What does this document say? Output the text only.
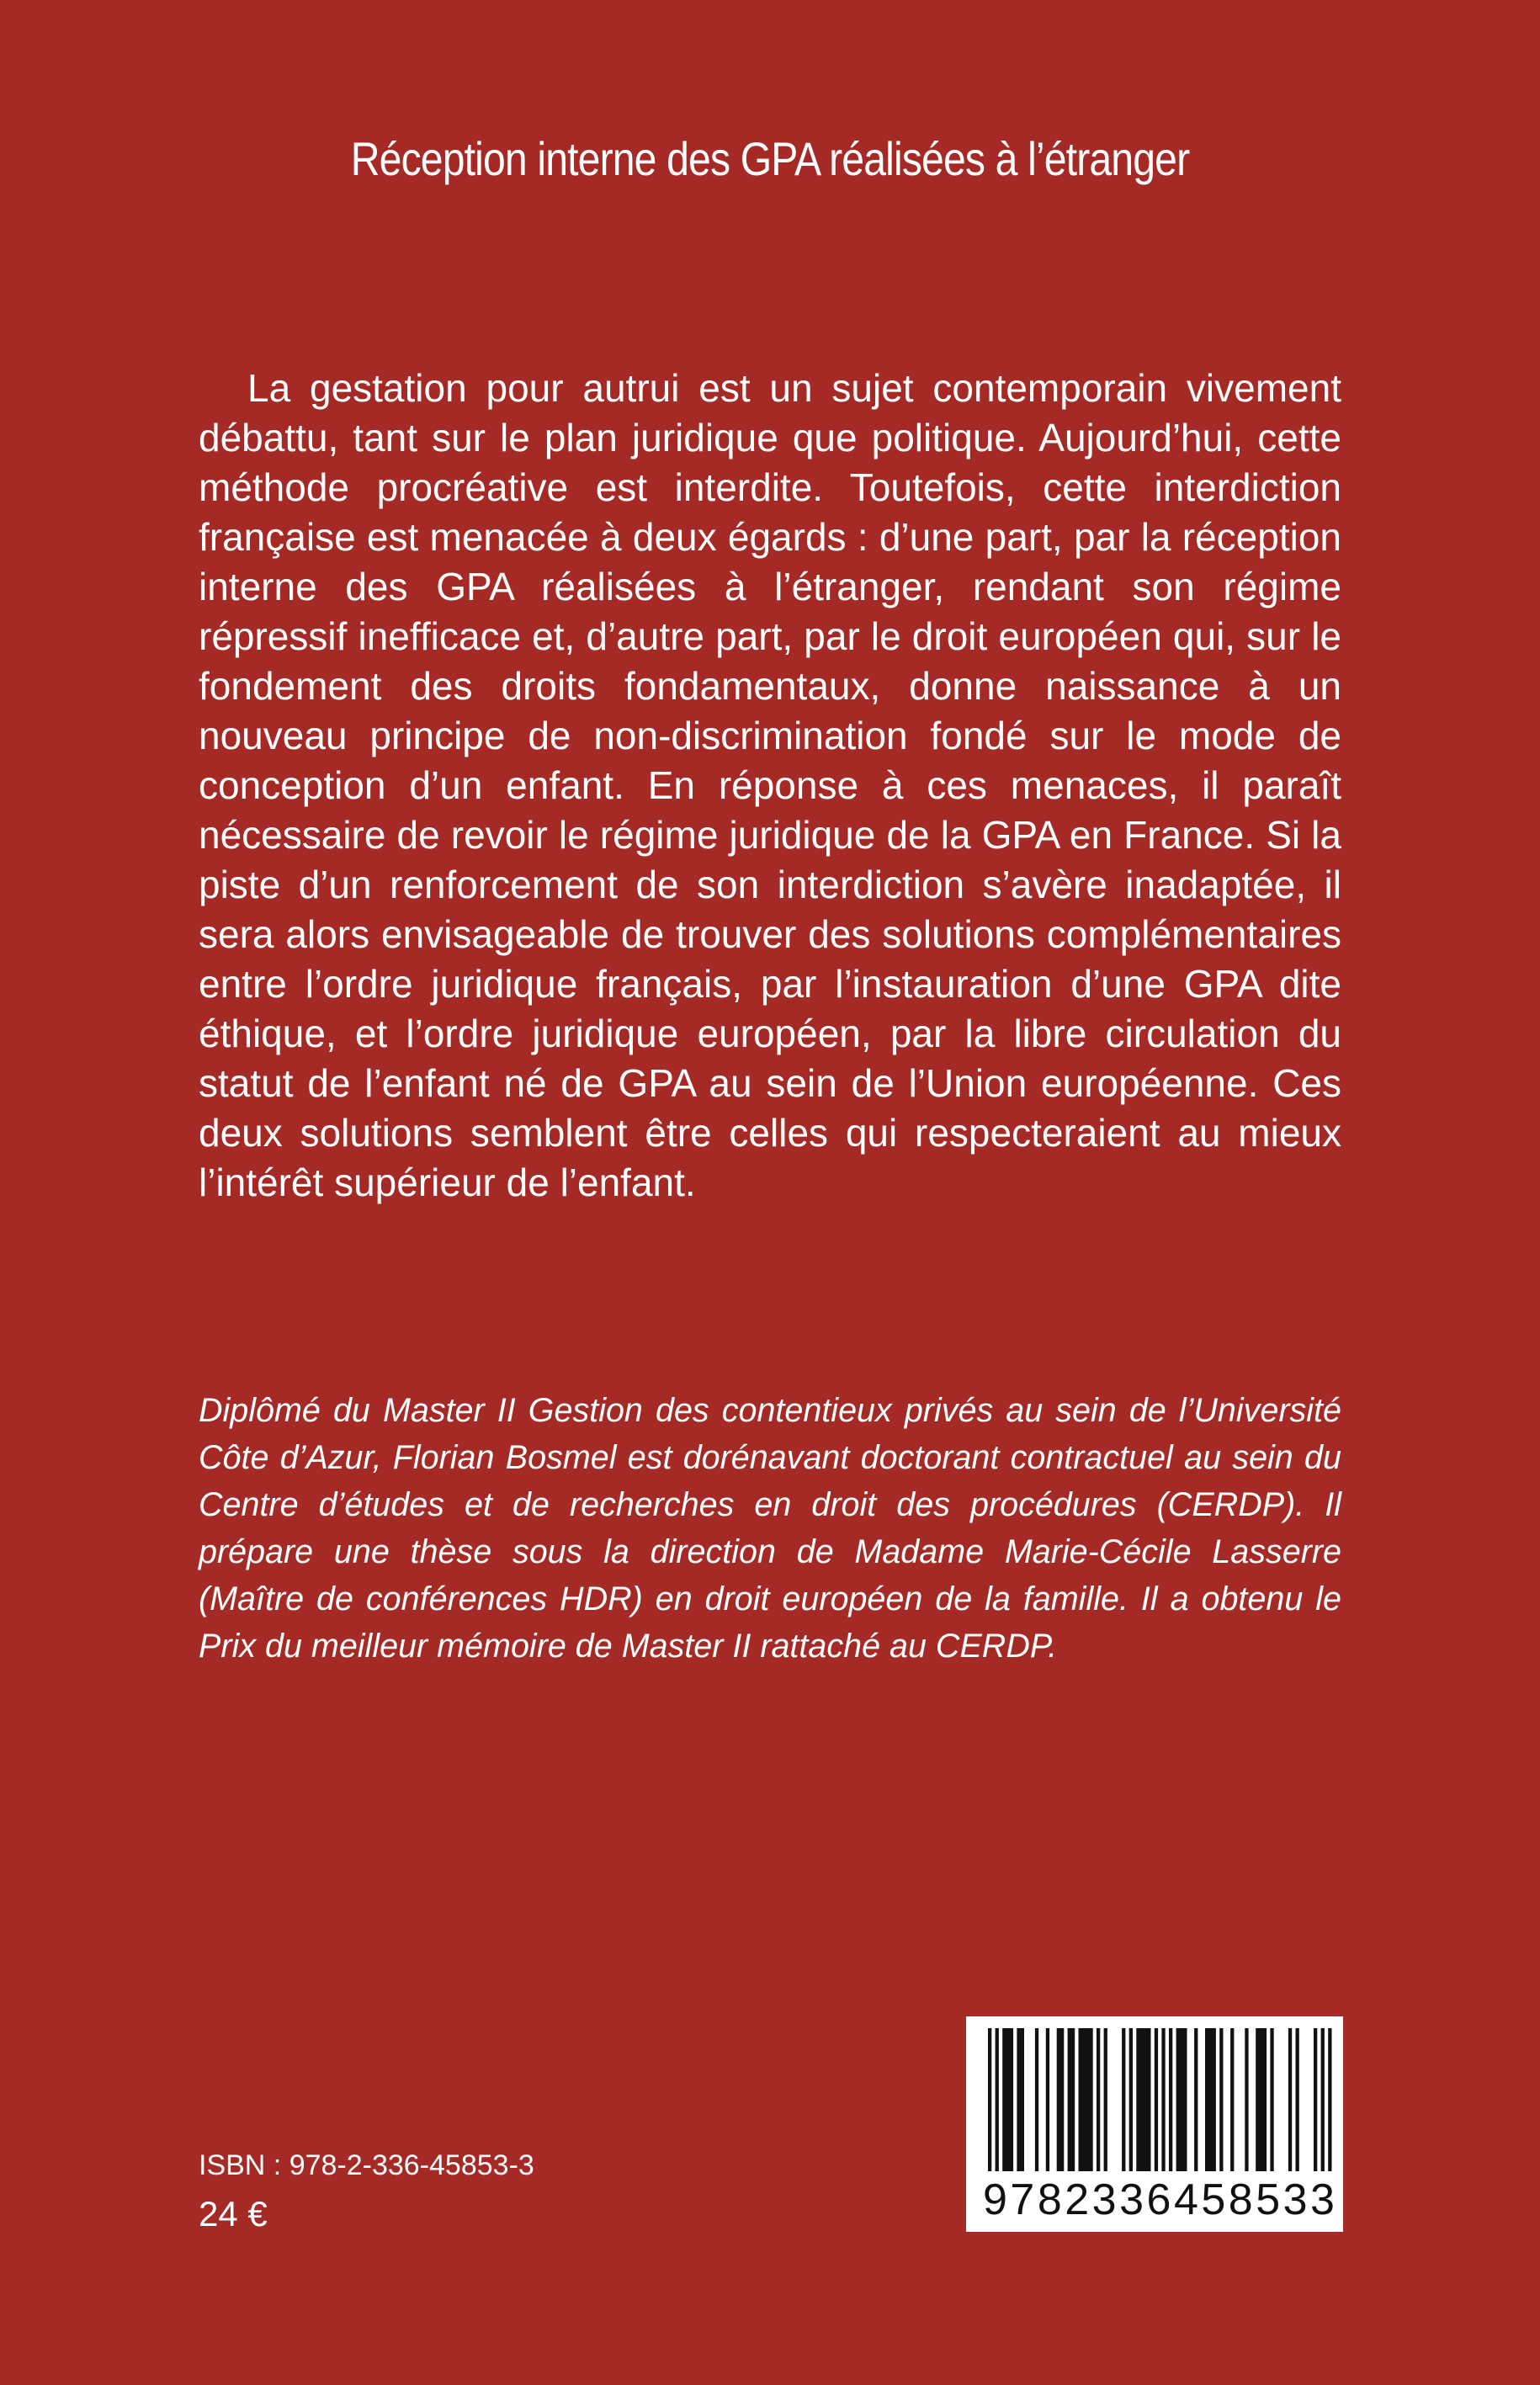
Réception interne des GPA réalisées à l’étranger

La gestation pour autrui est un sujet contemporain vivement débattu, tant sur le plan juridique que politique. Aujourd’hui, cette méthode procréative est interdite. Toutefois, cette interdiction française est menacée à deux égards : d’une part, par la réception interne des GPA réalisées à l’étranger, rendant son régime répressif inefficace et, d’autre part, par le droit européen qui, sur le fondement des droits fondamentaux, donne naissance à un nouveau principe de non-discrimination fondé sur le mode de conception d’un enfant. En réponse à ces menaces, il paraît nécessaire de revoir le régime juridique de la GPA en France. Si la piste d’un renforcement de son interdiction s’avère inadaptée, il sera alors envisageable de trouver des solutions complémentaires entre l’ordre juridique français, par l’instauration d’une GPA dite éthique, et l’ordre juridique européen, par la libre circulation du statut de l’enfant né de GPA au sein de l’Union européenne. Ces deux solutions semblent être celles qui respecteraient au mieux l’intérêt supérieur de l’enfant.

Diplômé du Master II Gestion des contentieux privés au sein de l’Université Côte d’Azur, Florian Bosmel est dorénavant doctorant contractuel au sein du Centre d’études et de recherches en droit des procédures (CERDP). Il prépare une thèse sous la direction de Madame Marie-Cécile Lasserre (Maître de conférences HDR) en droit européen de la famille. Il a obtenu le Prix du meilleur mémoire de Master II rattaché au CERDP.

ISBN : 978-2-336-45853-3
24 €	9782336458533
